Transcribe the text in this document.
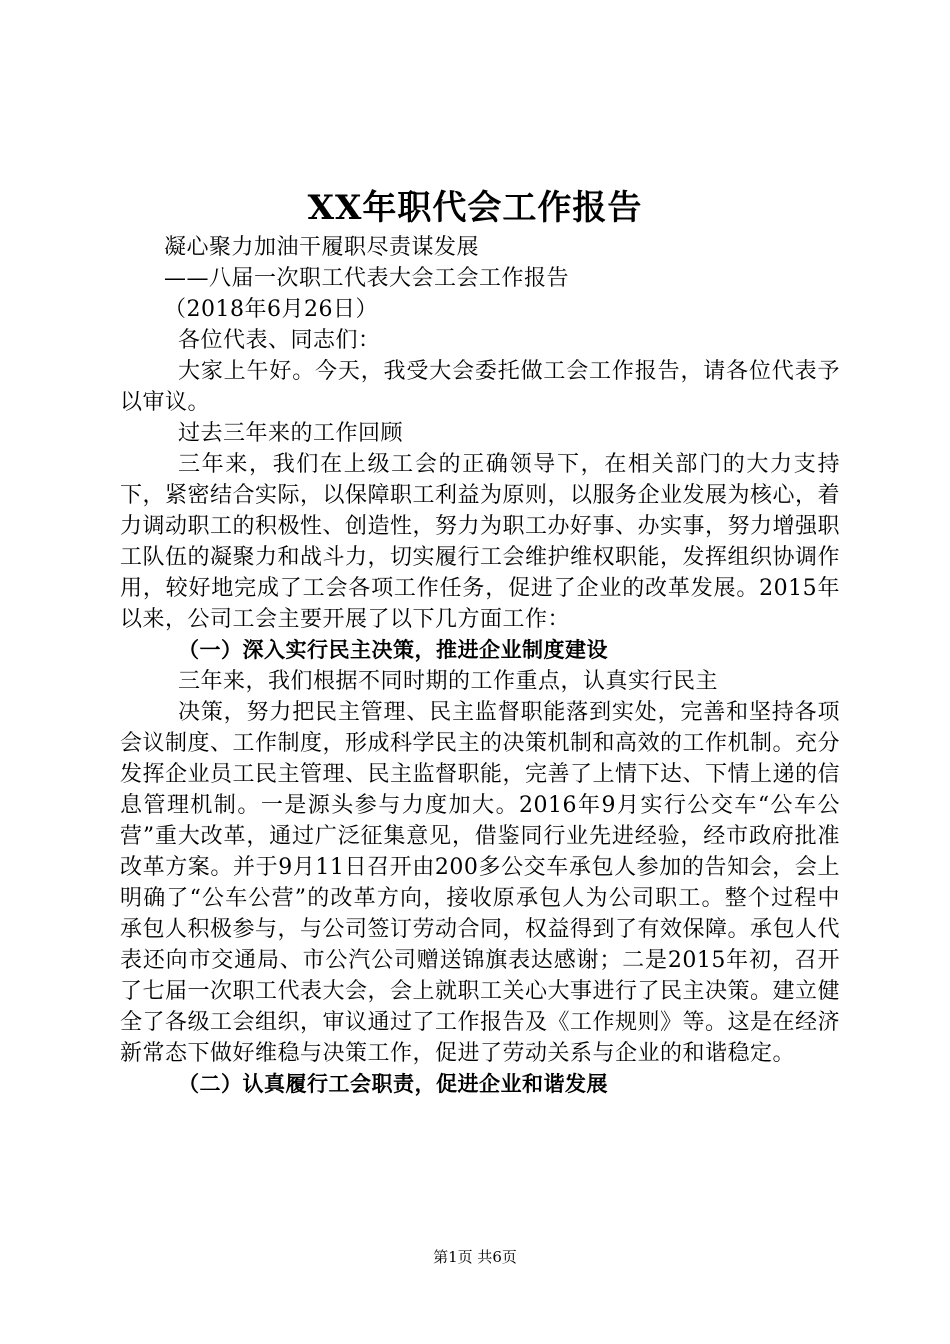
XX年职代会工作报告

凝心聚力加油干履职尽责谋发展

——八届一次职工代表大会工会工作报告

（2018年6月26日）

各位代表、同志们：

大家上午好。今天，我受大会委托做工会工作报告，请各位代表予以审议。

过去三年来的工作回顾

三年来，我们在上级工会的正确领导下，在相关部门的大力支持下，紧密结合实际，以保障职工利益为原则，以服务企业发展为核心，着力调动职工的积极性、创造性，努力为职工办好事、办实事，努力增强职工队伍的凝聚力和战斗力，切实履行工会维护维权职能，发挥组织协调作用，较好地完成了工会各项工作任务，促进了企业的改革发展。2015年以来，公司工会主要开展了以下几方面工作：

（一）深入实行民主决策，推进企业制度建设

三年来，我们根据不同时期的工作重点，认真实行民主

决策，努力把民主管理、民主监督职能落到实处，完善和坚持各项会议制度、工作制度，形成科学民主的决策机制和高效的工作机制。充分发挥企业员工民主管理、民主监督职能，完善了上情下达、下情上递的信息管理机制。一是源头参与力度加大。2016年9月实行公交车“公车公营”重大改革，通过广泛征集意见，借鉴同行业先进经验，经市政府批准改革方案。并于9月11日召开由200多公交车承包人参加的告知会，会上明确了“公车公营”的改革方向，接收原承包人为公司职工。整个过程中承包人积极参与，与公司签订劳动合同，权益得到了有效保障。承包人代表还向市交通局、市公汽公司赠送锦旗表达感谢；二是2015年初，召开了七届一次职工代表大会，会上就职工关心大事进行了民主决策。建立健全了各级工会组织，审议通过了工作报告及《工作规则》等。这是在经济新常态下做好维稳与决策工作，促进了劳动关系与企业的和谐稳定。

（二）认真履行工会职责，促进企业和谐发展

第1页 共6页
